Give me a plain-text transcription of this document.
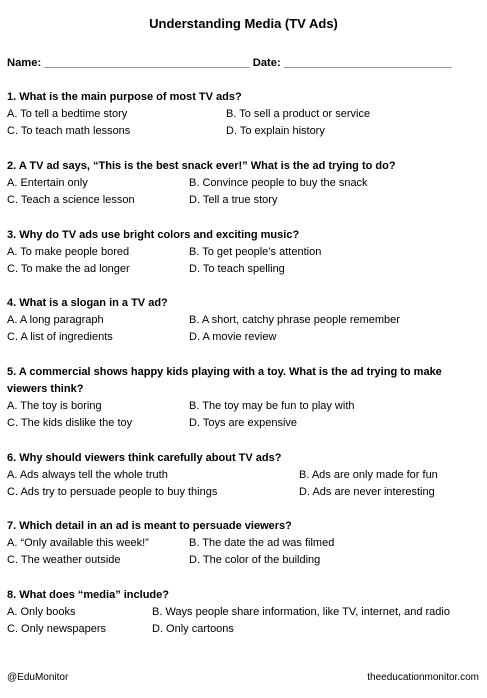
Understanding Media (TV Ads)
Name: _________________________________ Date: ___________________________
1. What is the main purpose of most TV ads?
A. To tell a bedtime story	B. To sell a product or service
C. To teach math lessons	D. To explain history
2. A TV ad says, “This is the best snack ever!” What is the ad trying to do?
A. Entertain only	B. Convince people to buy the snack
C. Teach a science lesson	D. Tell a true story
3. Why do TV ads use bright colors and exciting music?
A. To make people bored	B. To get people’s attention
C. To make the ad longer	D. To teach spelling
4. What is a slogan in a TV ad?
A. A long paragraph	B. A short, catchy phrase people remember
C. A list of ingredients	D. A movie review
5. A commercial shows happy kids playing with a toy. What is the ad trying to make viewers think?
A. The toy is boring	B. The toy may be fun to play with
C. The kids dislike the toy	D. Toys are expensive
6. Why should viewers think carefully about TV ads?
A. Ads always tell the whole truth	B. Ads are only made for fun
C. Ads try to persuade people to buy things	D. Ads are never interesting
7. Which detail in an ad is meant to persuade viewers?
A. “Only available this week!”	B. The date the ad was filmed
C. The weather outside	D. The color of the building
8. What does “media” include?
A. Only books	B. Ways people share information, like TV, internet, and radio
C. Only newspapers	D. Only cartoons
@EduMonitor	theeducationmonitor.com
